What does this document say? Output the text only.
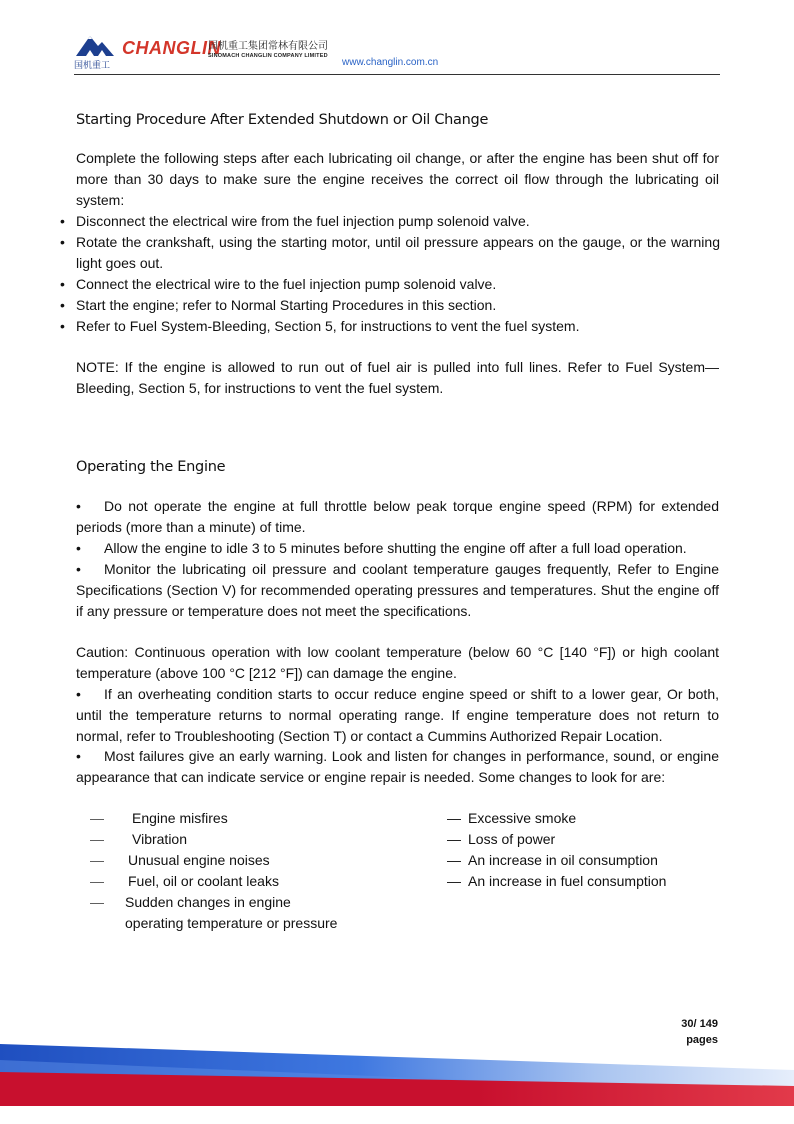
国机重工
CHANGLIN
国机重工集团常林有限公司
SINOMACH CHANGLIN COMPANY LIMITED
www.changlin.com.cn
Starting Procedure After Extended Shutdown or Oil Change

Complete the following steps after each lubricating oil change, or after the engine has been shut off for more than 30 days to make sure the engine receives the correct oil flow through the lubricating oil system:

• Disconnect the electrical wire from the fuel injection pump solenoid valve.
• Rotate the crankshaft, using the starting motor, until oil pressure appears on the gauge, or the warning light goes out.
• Connect the electrical wire to the fuel injection pump solenoid valve.
• Start the engine; refer to Normal Starting Procedures in this section.
• Refer to Fuel System-Bleeding, Section 5, for instructions to vent the fuel system.

NOTE: If the engine is allowed to run out of fuel air is pulled into full lines. Refer to Fuel System—Bleeding, Section 5, for instructions to vent the fuel system.

Operating the Engine

• Do not operate the engine at full throttle below peak torque engine speed (RPM) for extended periods (more than a minute) of time.

• Allow the engine to idle 3 to 5 minutes before shutting the engine off after a full load operation.

• Monitor the lubricating oil pressure and coolant temperature gauges frequently, Refer to Engine Specifications (Section V) for recommended operating pressures and temperatures. Shut the engine off if any pressure or temperature does not meet the specifications.

Caution: Continuous operation with low coolant temperature (below 60 °C [140 °F]) or high coolant temperature (above 100 °C [212 °F]) can damage the engine.

• If an overheating condition starts to occur reduce engine speed or shift to a lower gear, Or both, until the temperature returns to normal operating range. If engine temperature does not return to normal, refer to Troubleshooting (Section T) or contact a Cummins Authorized Repair Location.

• Most failures give an early warning. Look and listen for changes in performance, sound, or engine appearance that can indicate service or engine repair is needed. Some changes to look for are:

— Engine misfires
— Vibration
— Unusual engine noises
— Fuel, oil or coolant leaks
— Sudden changes in engine
operating temperature or pressure
— Excessive smoke
— Loss of power
— An increase in oil consumption
— An increase in fuel consumption
30/ 149
pages
